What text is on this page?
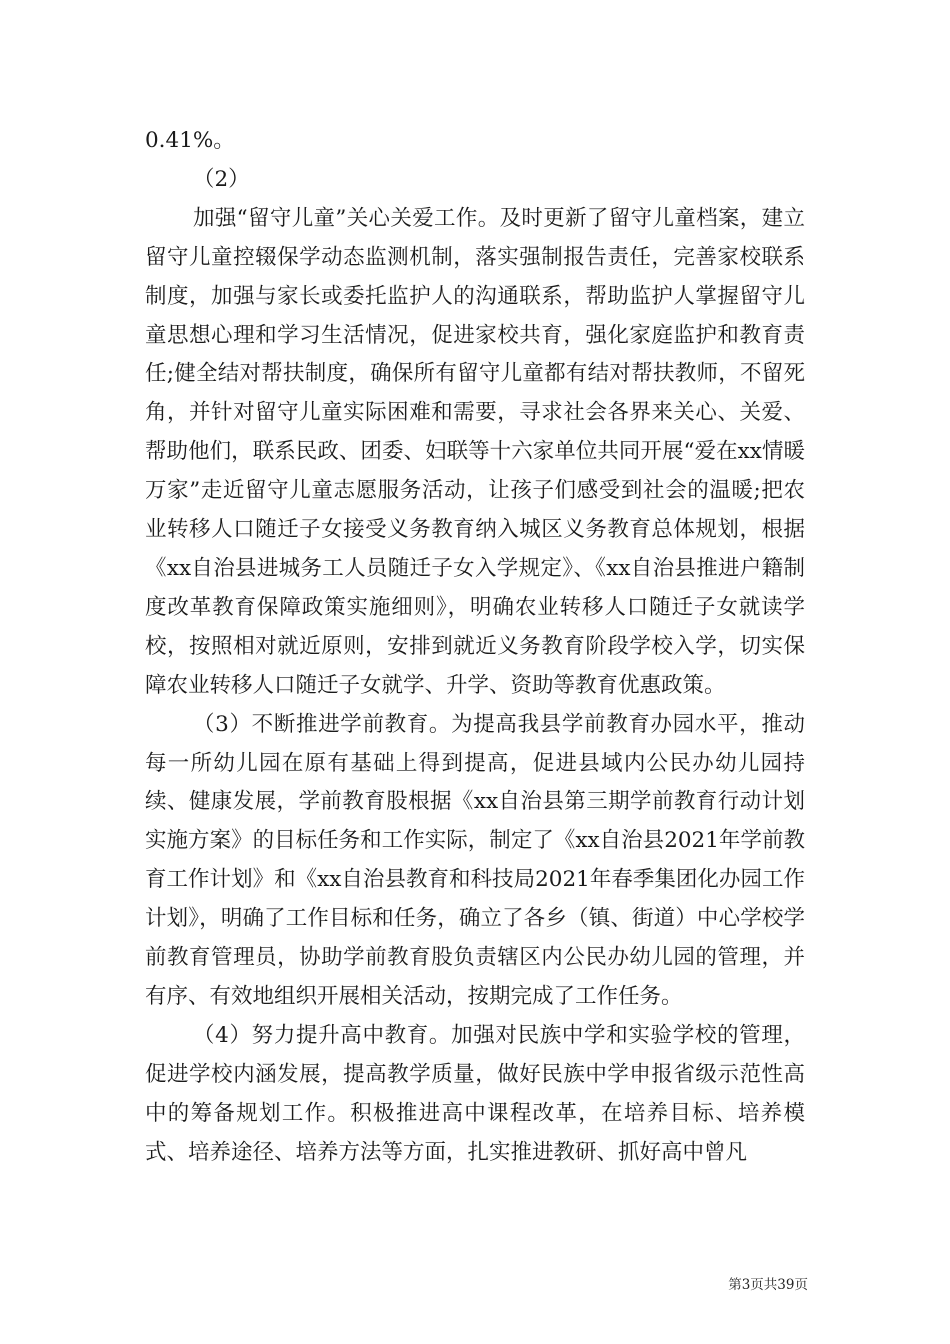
0.41%。

（2）

加强“留守儿童”关心关爱工作。及时更新了留守儿童档案，建立留守儿童控辍保学动态监测机制，落实强制报告责任，完善家校联系制度，加强与家长或委托监护人的沟通联系，帮助监护人掌握留守儿童思想心理和学习生活情况，促进家校共育，强化家庭监护和教育责任;健全结对帮扶制度，确保所有留守儿童都有结对帮扶教师，不留死角，并针对留守儿童实际困难和需要，寻求社会各界来关心、关爱、帮助他们，联系民政、团委、妇联等十六家单位共同开展“爱在xx情暖万家”走近留守儿童志愿服务活动，让孩子们感受到社会的温暖;把农业转移人口随迁子女接受义务教育纳入城区义务教育总体规划，根据《xx自治县进城务工人员随迁子女入学规定》、《xx自治县推进户籍制度改革教育保障政策实施细则》，明确农业转移人口随迁子女就读学校，按照相对就近原则，安排到就近义务教育阶段学校入学，切实保障农业转移人口随迁子女就学、升学、资助等教育优惠政策。

（3）不断推进学前教育。为提高我县学前教育办园水平，推动每一所幼儿园在原有基础上得到提高，促进县域内公民办幼儿园持续、健康发展，学前教育股根据《xx自治县第三期学前教育行动计划实施方案》的目标任务和工作实际，制定了《xx自治县2021年学前教育工作计划》和《xx自治县教育和科技局2021年春季集团化办园工作计划》，明确了工作目标和任务，确立了各乡（镇、街道）中心学校学前教育管理员，协助学前教育股负责辖区内公民办幼儿园的管理，并有序、有效地组织开展相关活动，按期完成了工作任务。

（4）努力提升高中教育。加强对民族中学和实验学校的管理，促进学校内涵发展，提高教学质量，做好民族中学申报省级示范性高中的筹备规划工作。积极推进高中课程改革，在培养目标、培养模式、培养途径、培养方法等方面，扎实推进教研、抓好高中曾凡

第3页共39页
